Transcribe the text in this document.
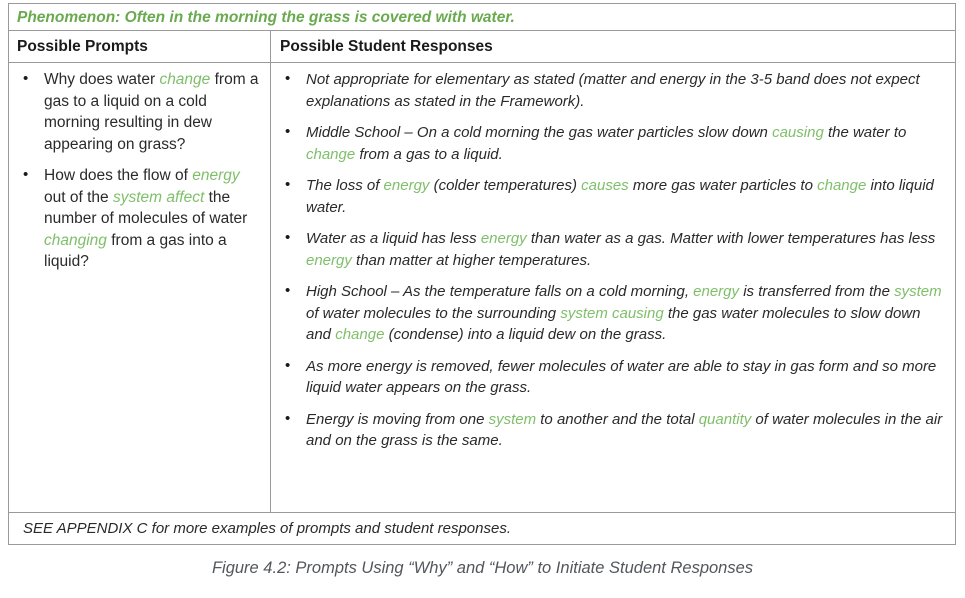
Phenomenon: Often in the morning the grass is covered with water.
Possible Prompts	Possible Student Responses
• Why does water change from a gas to a liquid on a cold morning resulting in dew appearing on grass?
• How does the flow of energy out of the system affect the number of molecules of water changing from a gas into a liquid?
• Not appropriate for elementary as stated (matter and energy in the 3-5 band does not expect explanations as stated in the Framework).
• Middle School – On a cold morning the gas water particles slow down causing the water to change from a gas to a liquid.
• The loss of energy (colder temperatures) causes more gas water particles to change into liquid water.
• Water as a liquid has less energy than water as a gas. Matter with lower temperatures has less energy than matter at higher temperatures.
• High School – As the temperature falls on a cold morning, energy is transferred from the system of water molecules to the surrounding system causing the gas water molecules to slow down and change (condense) into a liquid dew on the grass.
• As more energy is removed, fewer molecules of water are able to stay in gas form and so more liquid water appears on the grass.
• Energy is moving from one system to another and the total quantity of water molecules in the air and on the grass is the same.
SEE APPENDIX C for more examples of prompts and student responses.
Figure 4.2: Prompts Using “Why” and “How” to Initiate Student Responses
